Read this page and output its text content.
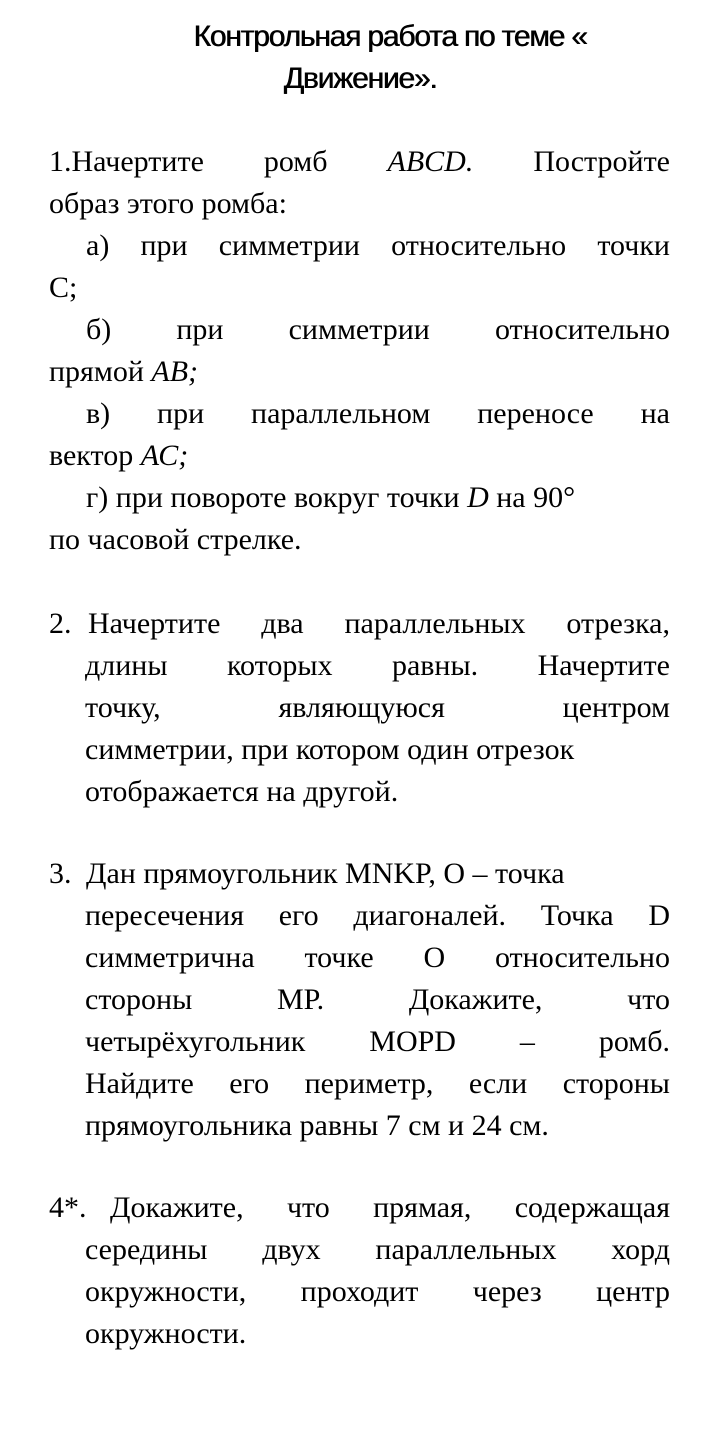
Контрольная работа по теме «
Движение».
1.Начертите ромб ABCD. Постройте
образ этого ромба:
а) при симметрии относительно точки
С;
б) при симметрии относительно
прямой АВ;
в) при параллельном переносе на
вектор АС;
г) при повороте вокруг точки D на 90°
по часовой стрелке.
2. Начертите два параллельных отрезка,
длины которых равны. Начертите
точку,	являющуюся	центром
симметрии, при котором один отрезок
отображается на другой.
3. Дан прямоугольник MNKP, О – точка
пересечения его диагоналей. Точка D
симметрична точке О относительно
стороны	МР.	Докажите,	что
четырёхугольник MOPD – ромб.
Найдите его периметр, если стороны
прямоугольника равны 7 см и 24 см.
4*. Докажите, что прямая, содержащая
середины двух параллельных хорд
окружности, проходит через центр
окружности.
